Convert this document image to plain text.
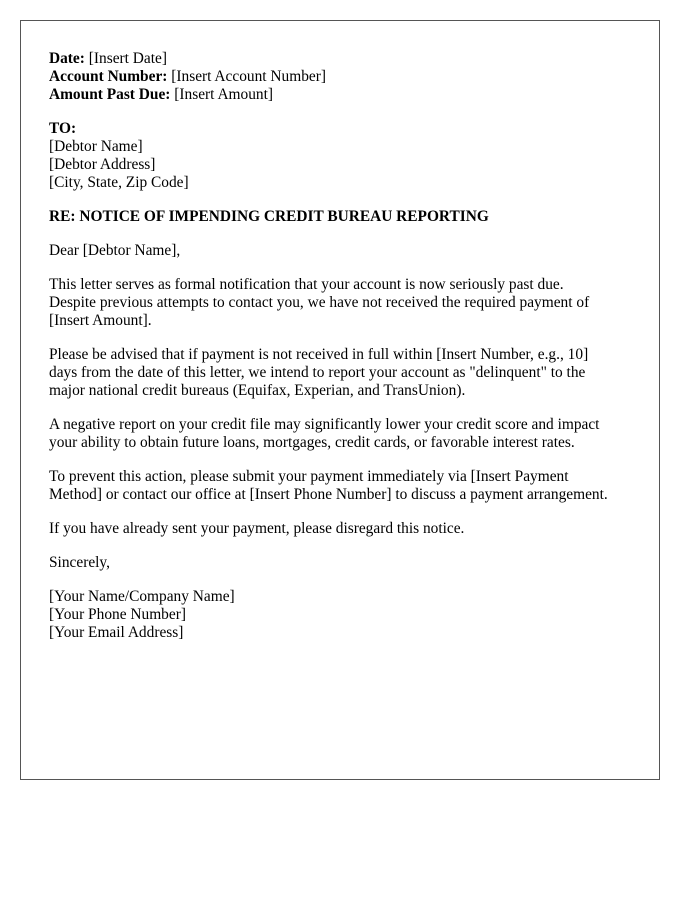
Date: [Insert Date]
Account Number: [Insert Account Number]
Amount Past Due: [Insert Amount]
TO:
[Debtor Name]
[Debtor Address]
[City, State, Zip Code]

RE: NOTICE OF IMPENDING CREDIT BUREAU REPORTING

Dear [Debtor Name],

This letter serves as formal notification that your account is now seriously past due.
Despite previous attempts to contact you, we have not received the required payment of
[Insert Amount].

Please be advised that if payment is not received in full within [Insert Number, e.g., 10]
days from the date of this letter, we intend to report your account as "delinquent" to the
major national credit bureaus (Equifax, Experian, and TransUnion).

A negative report on your credit file may significantly lower your credit score and impact
your ability to obtain future loans, mortgages, credit cards, or favorable interest rates.

To prevent this action, please submit your payment immediately via [Insert Payment
Method] or contact our office at [Insert Phone Number] to discuss a payment arrangement.

If you have already sent your payment, please disregard this notice.

Sincerely,

[Your Name/Company Name]
[Your Phone Number]
[Your Email Address]
